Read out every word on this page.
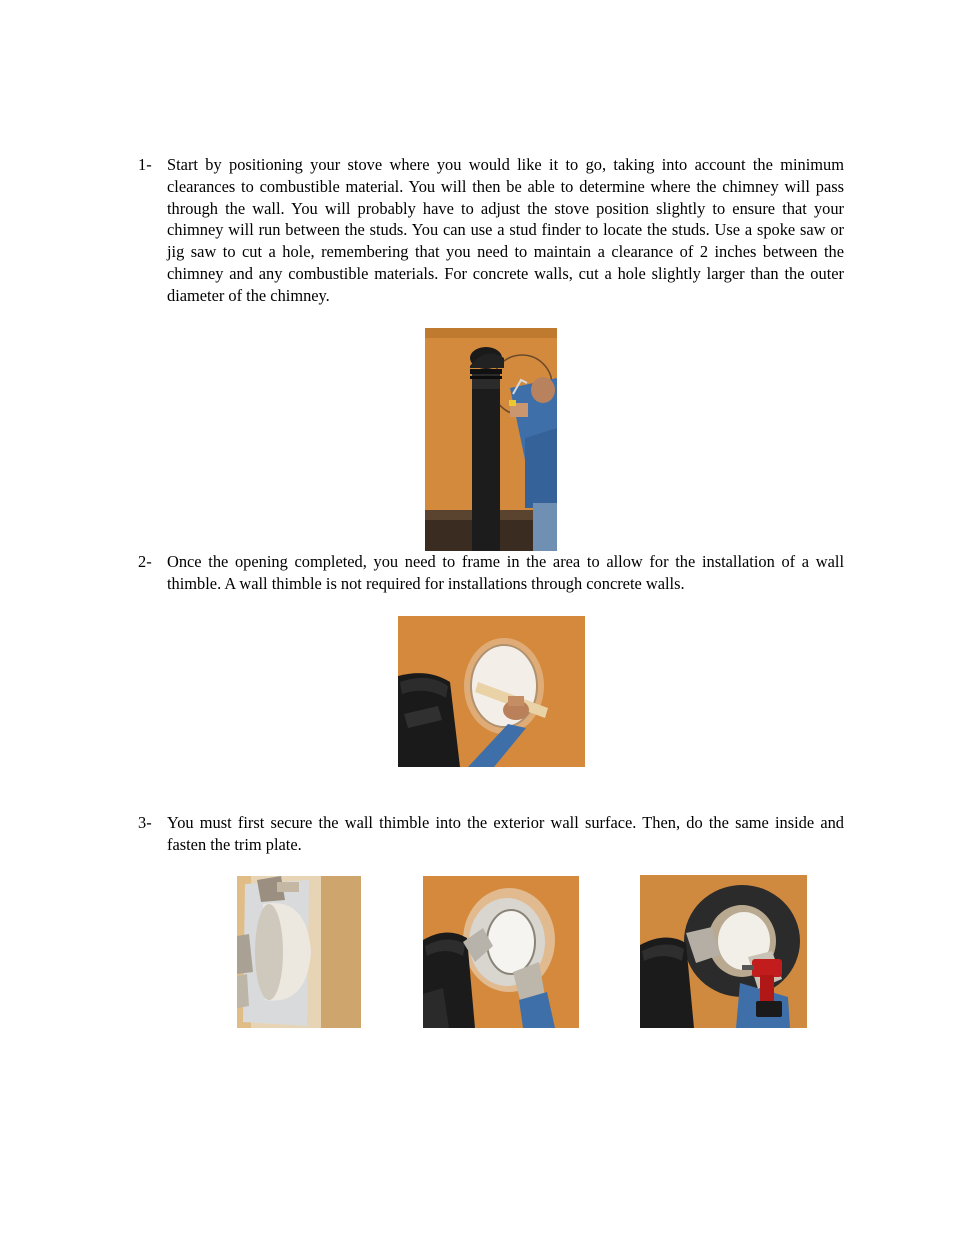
1- Start by positioning your stove where you would like it to go, taking into account the minimum clearances to combustible material. You will then be able to determine where the chimney will pass through the wall. You will probably have to adjust the stove position slightly to ensure that your chimney will run between the studs. You can use a stud finder to locate the studs. Use a spoke saw or jig saw to cut a hole, remembering that you need to maintain a clearance of 2 inches between the chimney and any combustible materials. For concrete walls, cut a hole slightly larger than the outer diameter of the chimney.
2- Once the opening completed, you need to frame in the area to allow for the installation of a wall thimble. A wall thimble is not required for installations through concrete walls.
3- You must first secure the wall thimble into the exterior wall surface. Then, do the same inside and fasten the trim plate.
